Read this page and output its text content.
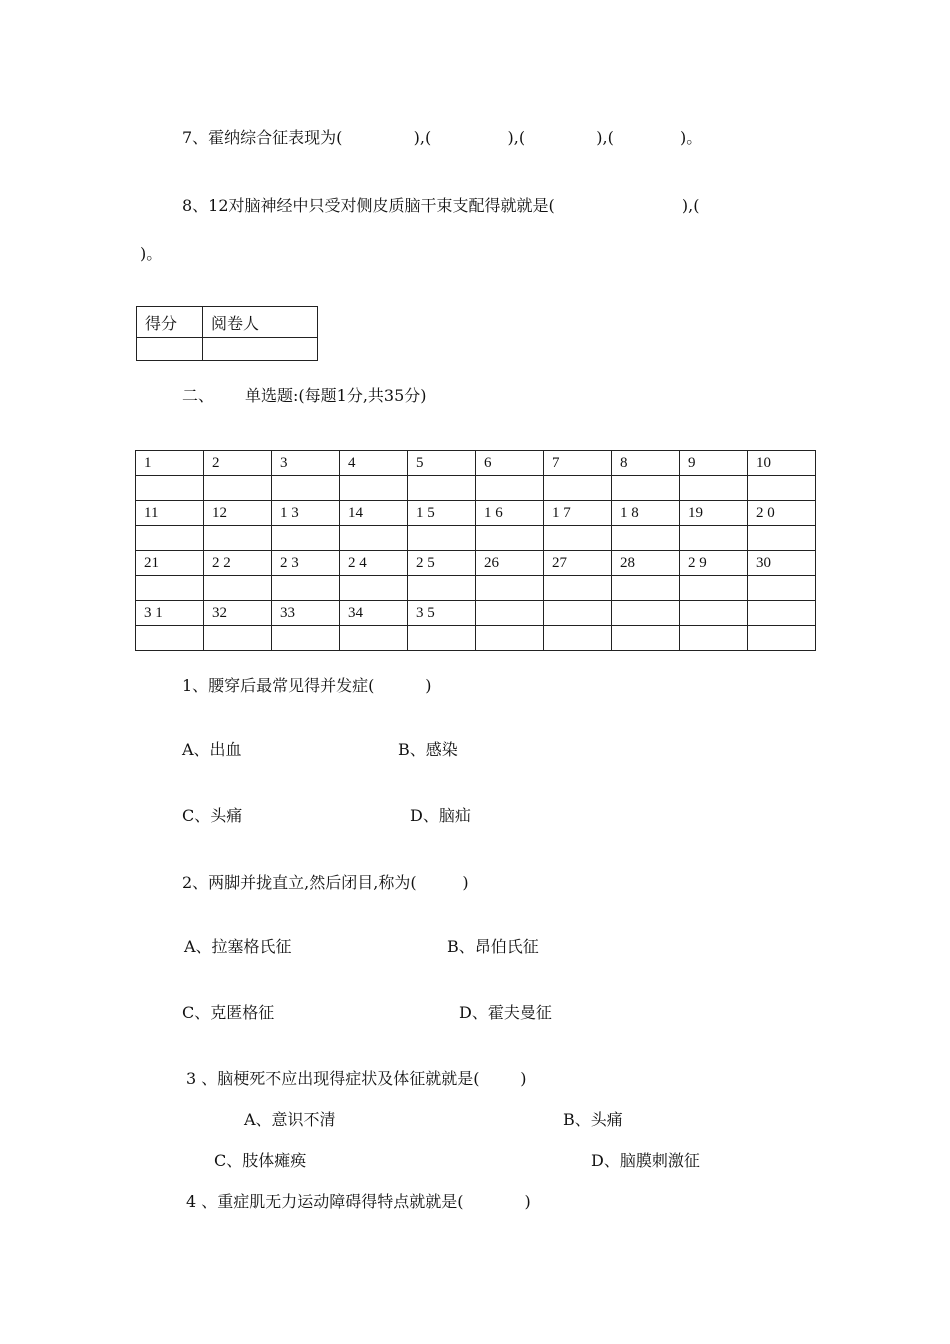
7、霍纳综合征表现为(              ),(               ),(              ),(             )。
8、12对脑神经中只受对侧皮质脑干束支配得就就是(                         ),(
)。
得分	阅卷人

二、 单选题:(每题1分,共35分)
1	2	3	4	5	6	7	8	9	10

11	12	1 3	14	1 5	1 6	1 7	1 8	19	2 0

21	2 2	2 3	2 4	2 5	26	27	28	2 9	30

3 1	32	33	34	3 5					

1、腰穿后最常见得并发症(          )
A、出血	B、感染
C、头痛	D、脑疝
2、两脚并拢直立,然后闭目,称为(         )
A、拉塞格氏征	B、昂伯氏征
C、克匿格征	D、霍夫曼征
3 、脑梗死不应出现得症状及体征就就是(        )
A、意识不清	B、头痛
C、肢体瘫痪	D、脑膜刺激征
4 、重症肌无力运动障碍得特点就就是(            )
